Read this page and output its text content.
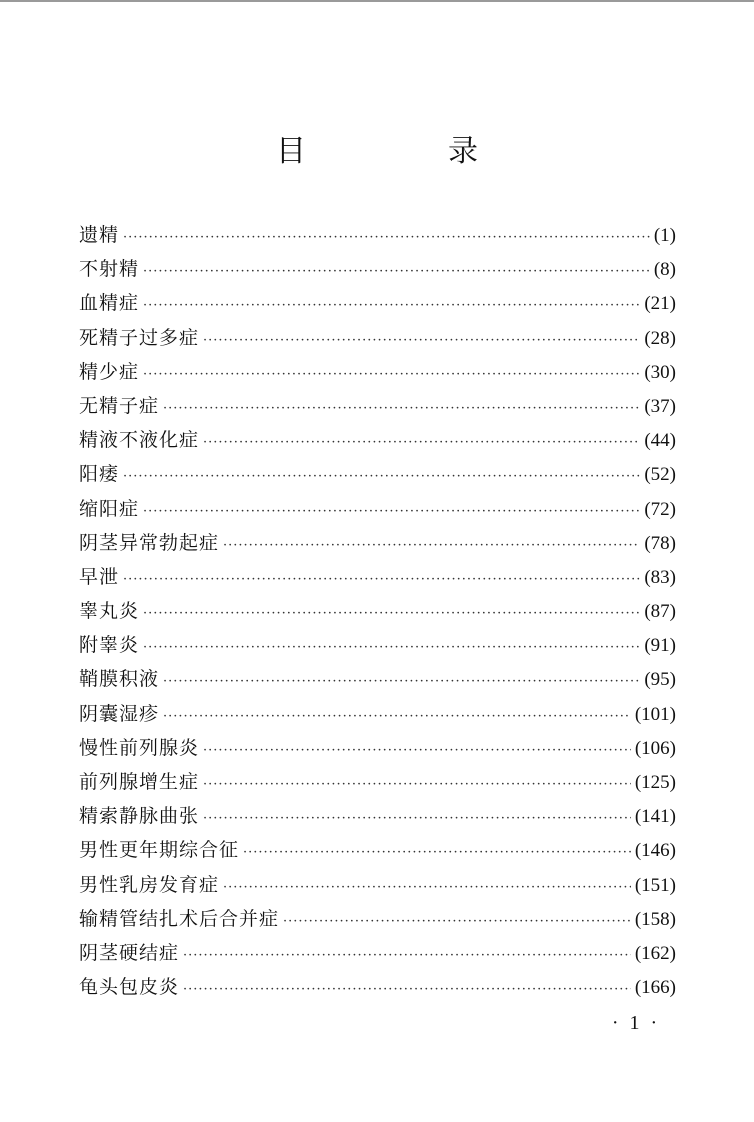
目　录
遗精 ·····	(1)
不射精 ·····	(8)
血精症 ·····	(21)
死精子过多症 ·····	(28)
精少症 ·····	(30)
无精子症 ·····	(37)
精液不液化症 ·····	(44)
阳痿 ·····	(52)
缩阳症 ·····	(72)
阴茎异常勃起症 ·····	(78)
早泄 ·····	(83)
睾丸炎 ·····	(87)
附睾炎 ·····	(91)
鞘膜积液 ·····	(95)
阴囊湿疹 ·····	(101)
慢性前列腺炎 ·····	(106)
前列腺增生症 ·····	(125)
精索静脉曲张 ·····	(141)
男性更年期综合征 ·····	(146)
男性乳房发育症 ·····	(151)
输精管结扎术后合并症 ·····	(158)
阴茎硬结症 ·····	(162)
龟头包皮炎 ·····	(166)
· 1 ·
